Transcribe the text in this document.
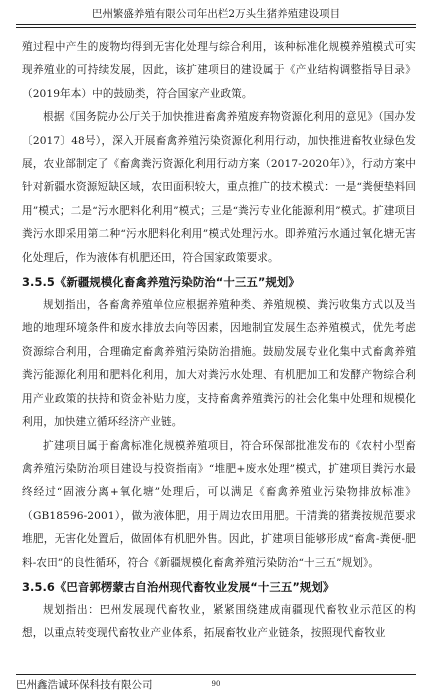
巴州繁盛养殖有限公司年出栏2万头生猪养殖建设项目

殖过程中产生的废物均得到无害化处理与综合利用，该种标准化规模养殖模式可实现养殖业的可持续发展，因此，该扩建项目的建设属于《产业结构调整指导目录》（2019年本）中的鼓励类，符合国家产业政策。

根据《国务院办公厅关于加快推进畜禽养殖废弃物资源化利用的意见》（国办发〔2017〕48号），深入开展畜禽养殖污染资源化利用行动，加快推进畜牧业绿色发展，农业部制定了《畜禽粪污资源化利用行动方案（2017-2020年）》，行动方案中针对新疆水资源短缺区域，农田面积较大，重点推广的技术模式：一是“粪便垫料回用”模式；二是“污水肥料化利用”模式；三是“粪污专业化能源利用”模式。扩建项目粪污水即采用第二种“污水肥料化利用”模式处理污水。即养殖污水通过氧化塘无害化处理后，作为液体有机肥还田，符合国家政策要求。

3.5.5《新疆规模化畜禽养殖污染防治“十三五”规划》

规划指出，各畜禽养殖单位应根据养殖种类、养殖规模、粪污收集方式以及当地的地理环境条件和废水排放去向等因素，因地制宜发展生态养殖模式，优先考虑资源综合利用，合理确定畜禽养殖污染防治措施。鼓励发展专业化集中式畜禽养殖粪污能源化利用和肥料化利用，加大对粪污水处理、有机肥加工和发酵产物综合利用产业政策的扶持和资金补贴力度，支持畜禽养殖粪污的社会化集中处理和规模化利用，加快建立循环经济产业链。

扩建项目属于畜禽标准化规模养殖项目，符合环保部批准发布的《农村小型畜禽养殖污染防治项目建设与投资指南》“堆肥+废水处理”模式，扩建项目粪污水最终经过“固液分离+氧化塘”处理后，可以满足《畜禽养殖业污染物排放标准》（GB18596-2001），做为液体肥，用于周边农田用肥。干清粪的猪粪按规范要求堆肥，无害化处置后，做固体有机肥外售。因此，扩建项目能够形成“畜禽-粪便-肥料-农田”的良性循环，符合《新疆规模化畜禽养殖污染防治“十三五”规划》。

3.5.6《巴音郭楞蒙古自治州现代畜牧业发展“十三五”规划》

规划指出：巴州发展现代畜牧业，紧紧围绕建成南疆现代畜牧业示范区的构想，以重点转变现代畜牧业产业体系，拓展畜牧业产业链条，按照现代畜牧业

巴州鑫浩诚环保科技有限公司	90
